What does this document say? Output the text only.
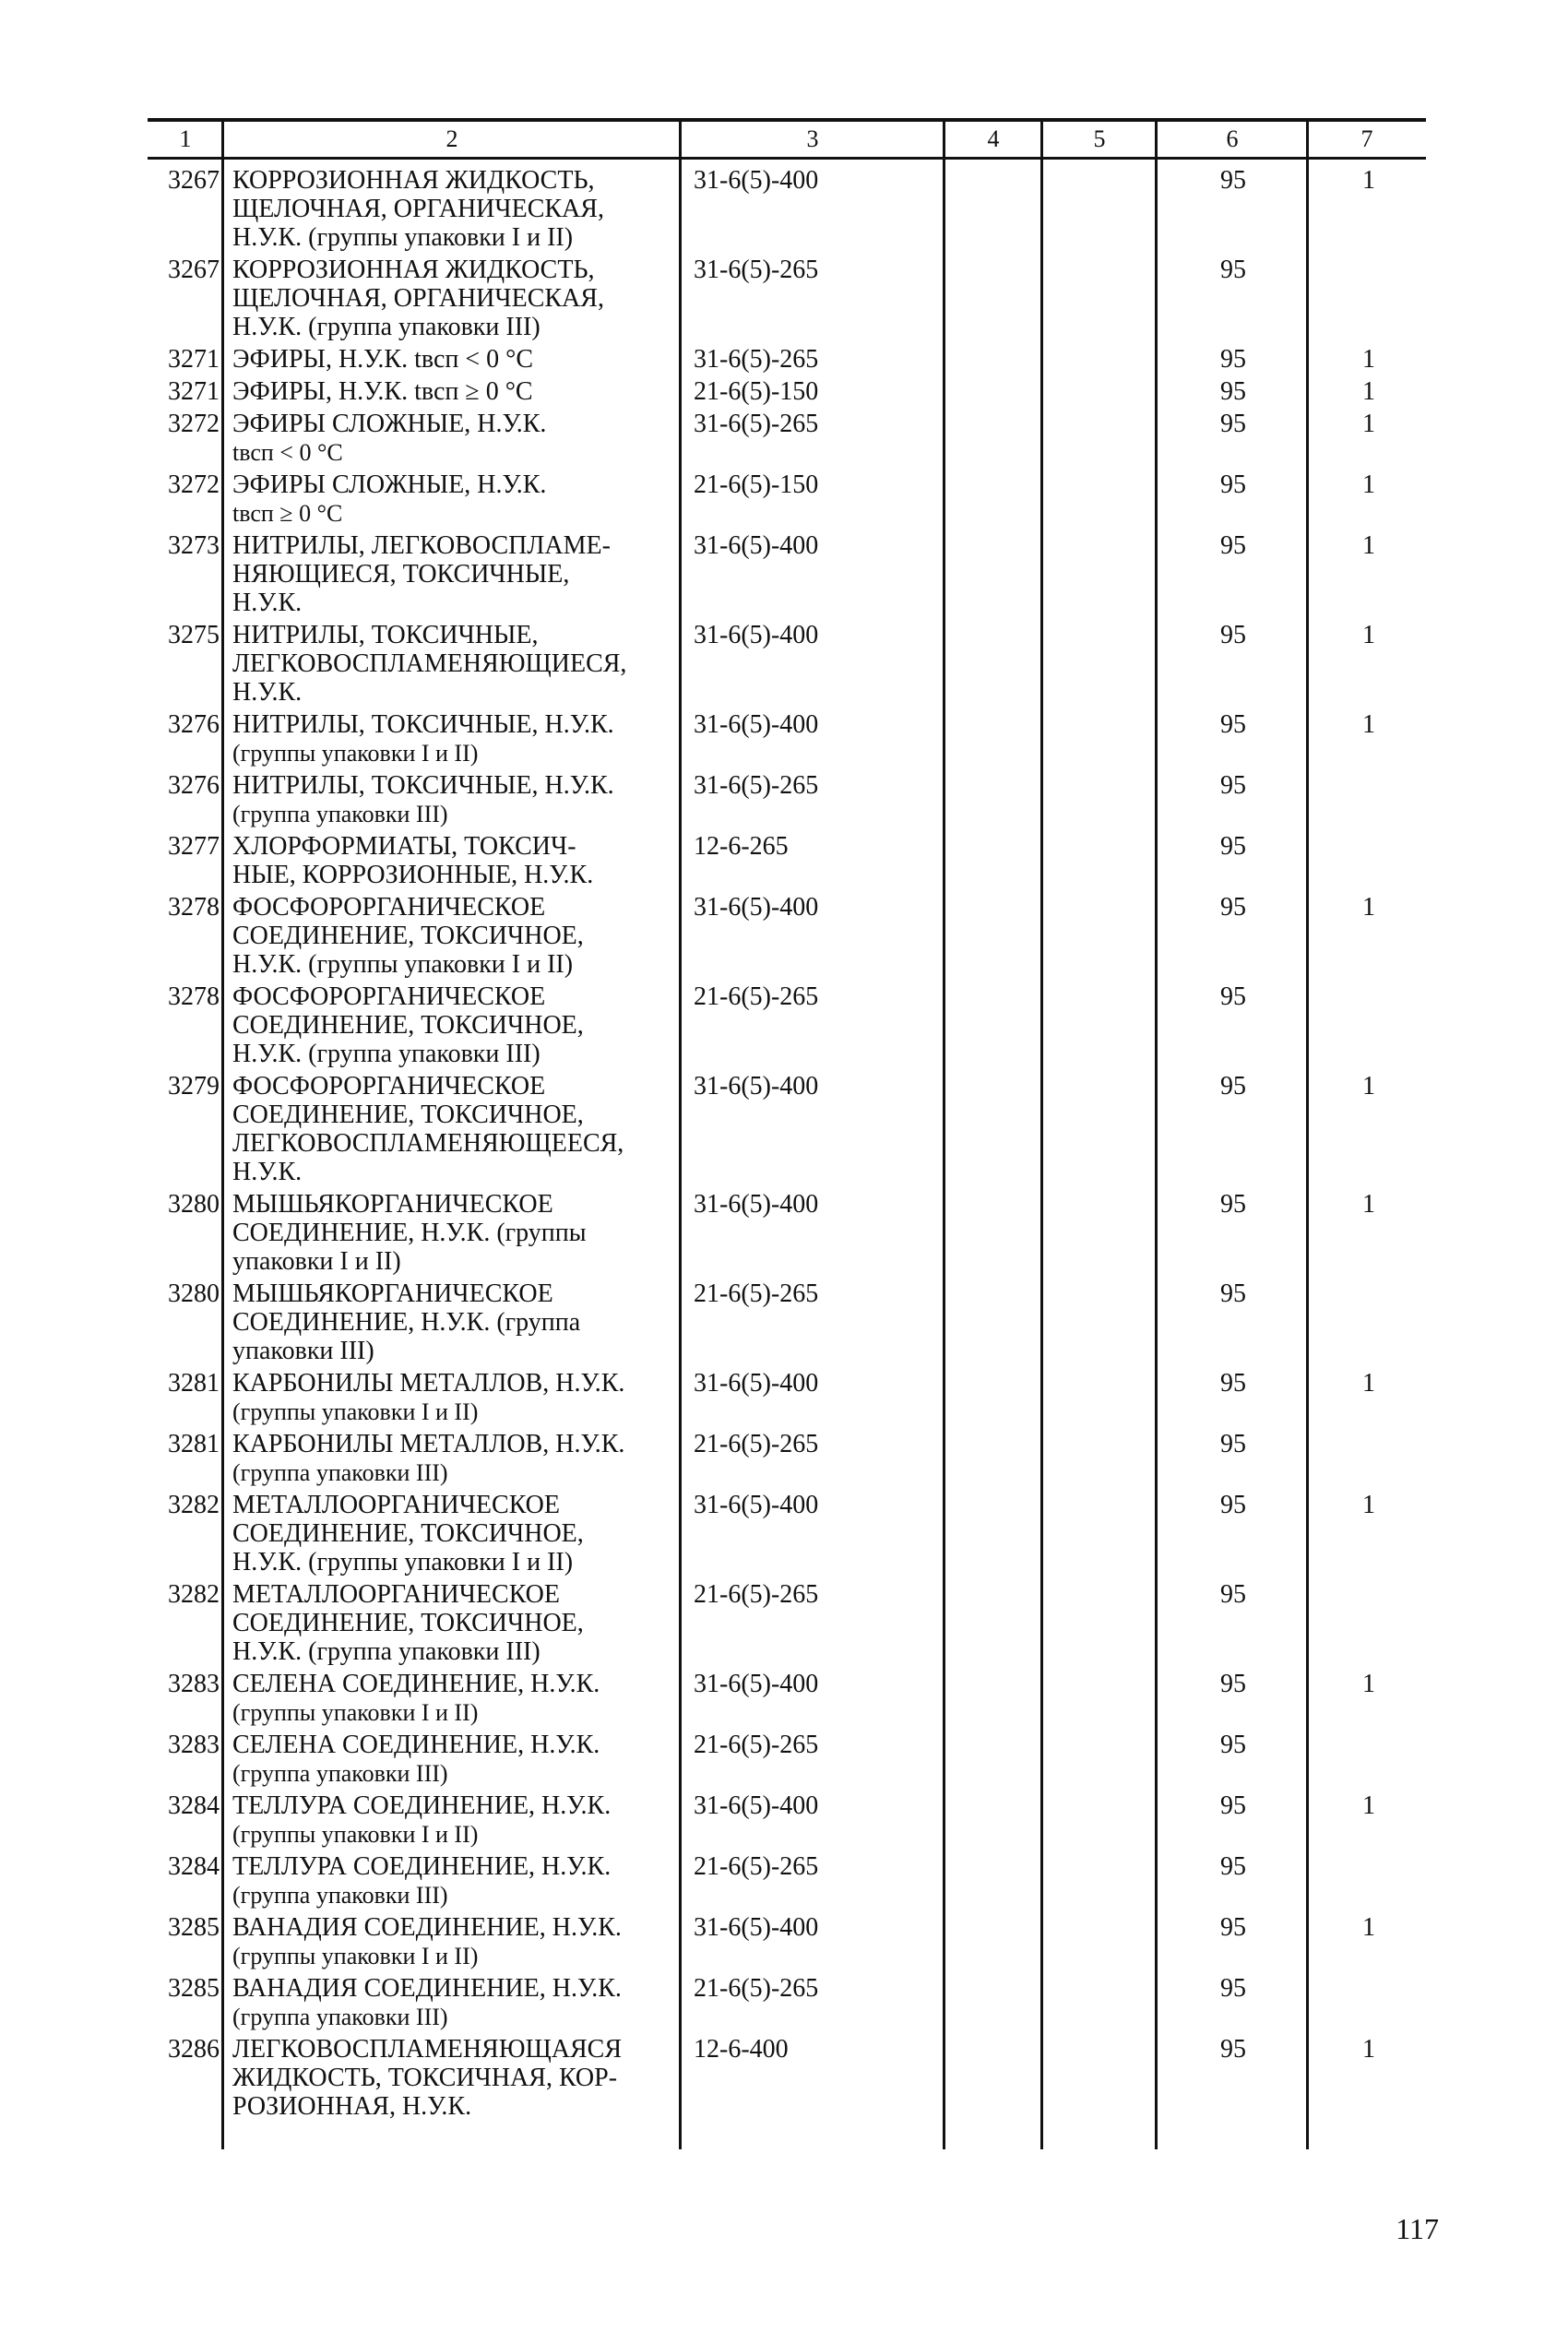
1	2	3	4	5	6	7
3267 КОРРОЗИОННАЯ ЖИДКОСТЬ,
ЩЕЛОЧНАЯ, ОРГАНИЧЕСКАЯ,
Н.У.К. (группы упаковки I и II)
31-6(5)-400	95	1
3267 КОРРОЗИОННАЯ ЖИДКОСТЬ,
ЩЕЛОЧНАЯ, ОРГАНИЧЕСКАЯ,
Н.У.К. (группа упаковки III)
31-6(5)-265	95
3271 ЭФИРЫ, Н.У.К. tвсп < 0 °C	31-6(5)-265	95	1
3271 ЭФИРЫ, Н.У.К. tвсп ≥ 0 °C	21-6(5)-150	95	1
3272 ЭФИРЫ СЛОЖНЫЕ, Н.У.К.
tвсп < 0 °C
31-6(5)-265	95	1
3272 ЭФИРЫ СЛОЖНЫЕ, Н.У.К.
tвсп ≥ 0 °C
21-6(5)-150	95	1
3273 НИТРИЛЫ, ЛЕГКОВОСПЛАМЕ-
НЯЮЩИЕСЯ, ТОКСИЧНЫЕ,
Н.У.К.
31-6(5)-400	95	1
3275 НИТРИЛЫ, ТОКСИЧНЫЕ,
ЛЕГКОВОСПЛАМЕНЯЮЩИЕСЯ,
Н.У.К.
31-6(5)-400	95	1
3276 НИТРИЛЫ, ТОКСИЧНЫЕ, Н.У.К.
(группы упаковки I и II)
31-6(5)-400	95	1
3276 НИТРИЛЫ, ТОКСИЧНЫЕ, Н.У.К.
(группа упаковки III)
31-6(5)-265	95
3277 ХЛОРФОРМИАТЫ, ТОКСИЧ-
НЫЕ, КОРРОЗИОННЫЕ, Н.У.К.
12-6-265	95
3278 ФОСФОРОРГАНИЧЕСКОЕ
СОЕДИНЕНИЕ, ТОКСИЧНОЕ,
Н.У.К. (группы упаковки I и II)
31-6(5)-400	95	1
3278 ФОСФОРОРГАНИЧЕСКОЕ
СОЕДИНЕНИЕ, ТОКСИЧНОЕ,
Н.У.К. (группа упаковки III)
21-6(5)-265	95
3279 ФОСФОРОРГАНИЧЕСКОЕ
СОЕДИНЕНИЕ, ТОКСИЧНОЕ,
ЛЕГКОВОСПЛАМЕНЯЮЩЕЕСЯ,
Н.У.К.
31-6(5)-400	95	1
3280 МЫШЬЯКОРГАНИЧЕСКОЕ
СОЕДИНЕНИЕ, Н.У.К. (группы
упаковки I и II)
31-6(5)-400	95	1
3280 МЫШЬЯКОРГАНИЧЕСКОЕ
СОЕДИНЕНИЕ, Н.У.К. (группа
упаковки III)
21-6(5)-265	95
3281 КАРБОНИЛЫ МЕТАЛЛОВ, Н.У.К.
(группы упаковки I и II)
31-6(5)-400	95	1
3281 КАРБОНИЛЫ МЕТАЛЛОВ, Н.У.К.
(группа упаковки III)
21-6(5)-265	95
3282 МЕТАЛЛООРГАНИЧЕСКОЕ
СОЕДИНЕНИЕ, ТОКСИЧНОЕ,
Н.У.К. (группы упаковки I и II)
31-6(5)-400	95	1
3282 МЕТАЛЛООРГАНИЧЕСКОЕ
СОЕДИНЕНИЕ, ТОКСИЧНОЕ,
Н.У.К. (группа упаковки III)
21-6(5)-265	95
3283 СЕЛЕНА СОЕДИНЕНИЕ, Н.У.К.
(группы упаковки I и II)
31-6(5)-400	95	1
3283 СЕЛЕНА СОЕДИНЕНИЕ, Н.У.К.
(группа упаковки III)
21-6(5)-265	95
3284 ТЕЛЛУРА СОЕДИНЕНИЕ, Н.У.К.
(группы упаковки I и II)
31-6(5)-400	95	1
3284 ТЕЛЛУРА СОЕДИНЕНИЕ, Н.У.К.
(группа упаковки III)
21-6(5)-265	95
3285 ВАНАДИЯ СОЕДИНЕНИЕ, Н.У.К.
(группы упаковки I и II)
31-6(5)-400	95	1
3285 ВАНАДИЯ СОЕДИНЕНИЕ, Н.У.К.
(группа упаковки III)
21-6(5)-265	95
3286 ЛЕГКОВОСПЛАМЕНЯЮЩАЯСЯ
ЖИДКОСТЬ, ТОКСИЧНАЯ, КОР-
РОЗИОННАЯ, Н.У.К.
12-6-400	95	1
117
